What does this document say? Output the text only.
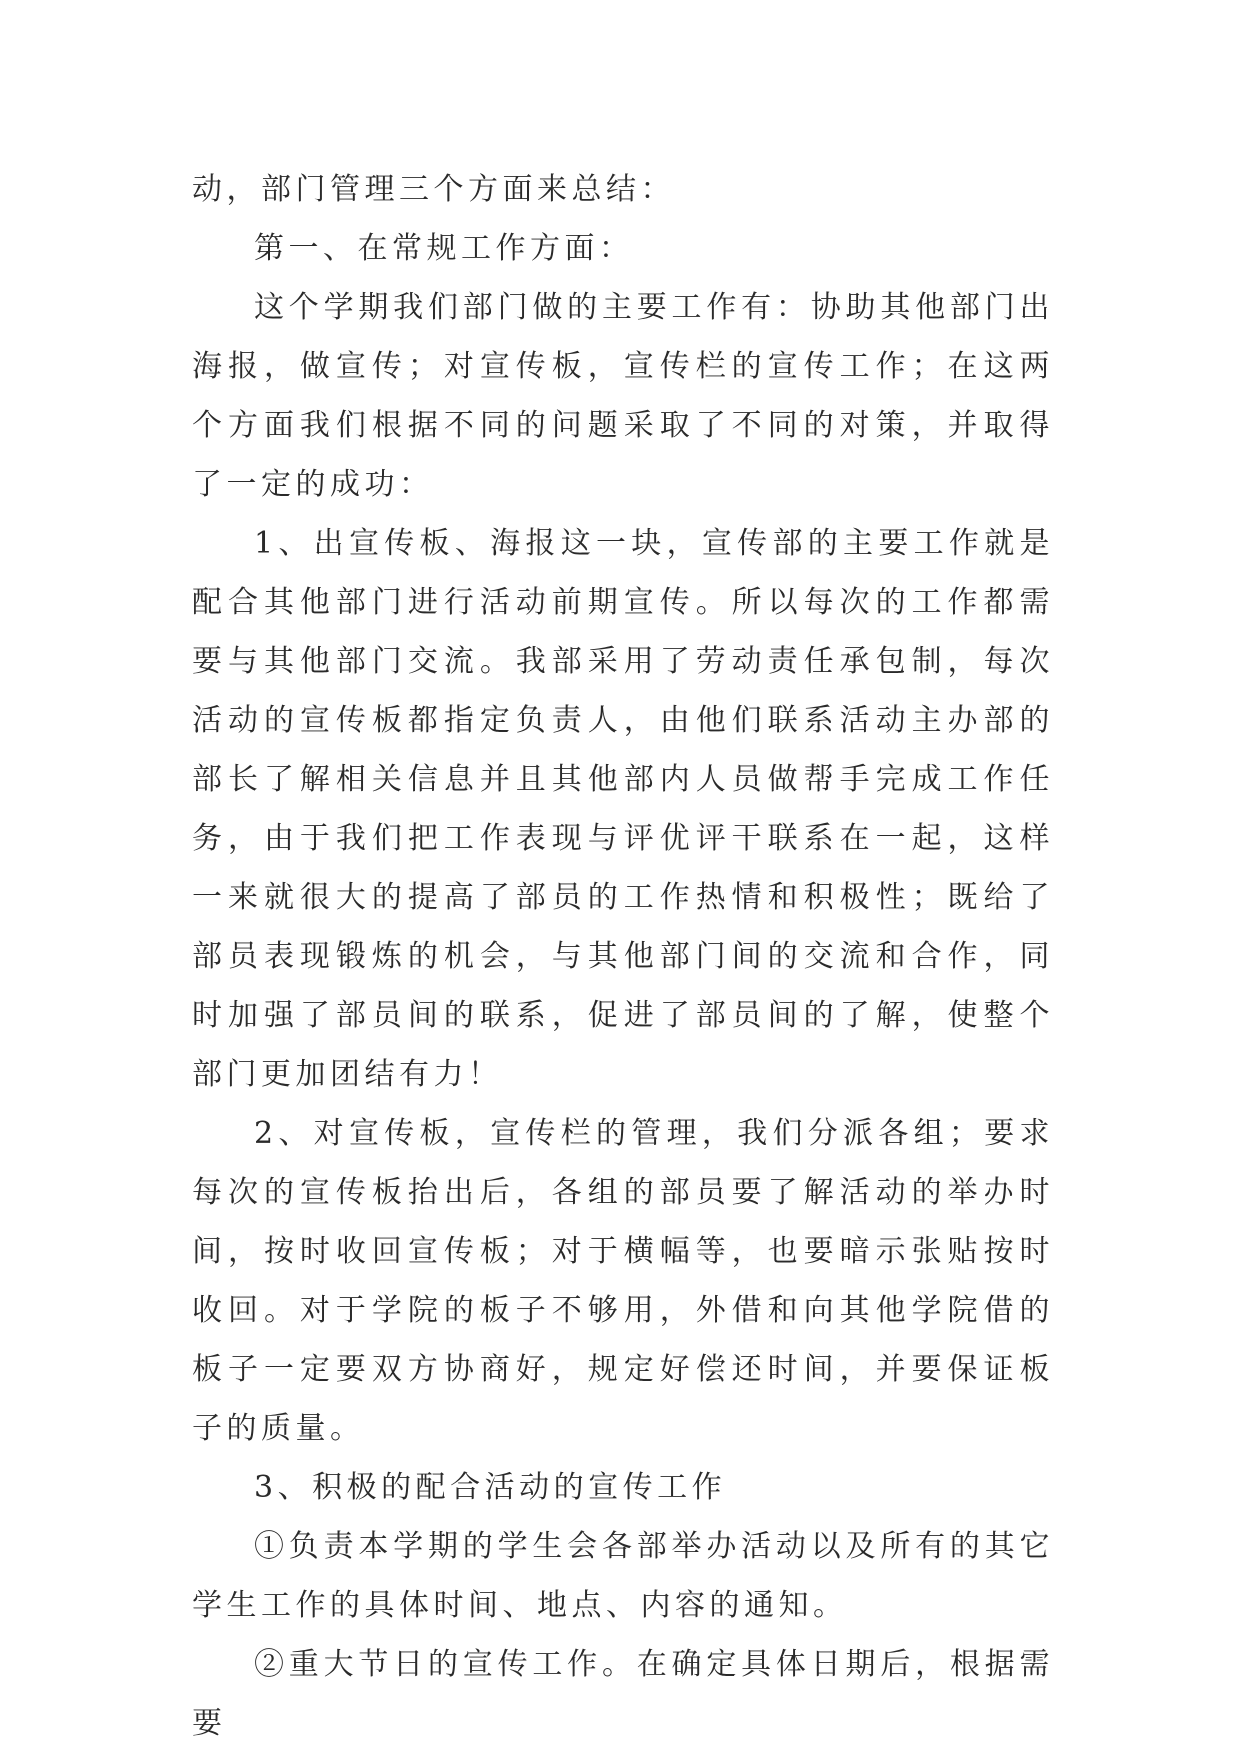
动，部门管理三个方面来总结：

第一、在常规工作方面：

这个学期我们部门做的主要工作有：协助其他部门出海报，做宣传；对宣传板，宣传栏的宣传工作；在这两个方面我们根据不同的问题采取了不同的对策，并取得了一定的成功：

1、出宣传板、海报这一块，宣传部的主要工作就是配合其他部门进行活动前期宣传。所以每次的工作都需要与其他部门交流。我部采用了劳动责任承包制，每次活动的宣传板都指定负责人，由他们联系活动主办部的部长了解相关信息并且其他部内人员做帮手完成工作任务，由于我们把工作表现与评优评干联系在一起，这样一来就很大的提高了部员的工作热情和积极性；既给了部员表现锻炼的机会，与其他部门间的交流和合作，同时加强了部员间的联系，促进了部员间的了解，使整个部门更加团结有力！

2、对宣传板，宣传栏的管理，我们分派各组；要求每次的宣传板抬出后，各组的部员要了解活动的举办时间，按时收回宣传板；对于横幅等，也要暗示张贴按时收回。对于学院的板子不够用，外借和向其他学院借的板子一定要双方协商好，规定好偿还时间，并要保证板子的质量。

3、积极的配合活动的宣传工作

①负责本学期的学生会各部举办活动以及所有的其它学生工作的具体时间、地点、内容的通知。

②重大节日的宣传工作。在确定具体日期后，根据需要
